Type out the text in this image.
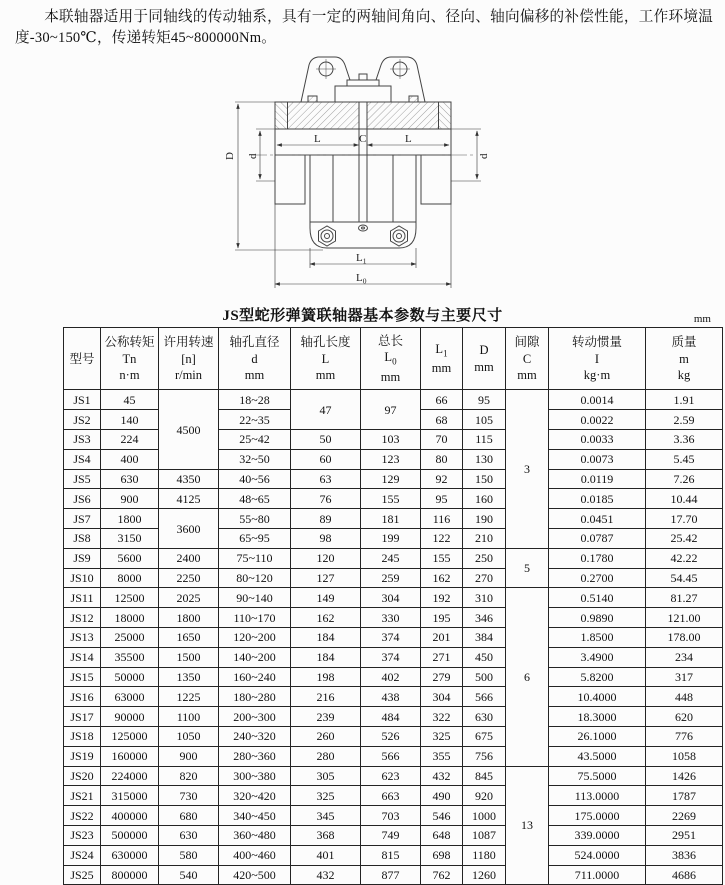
本联轴器适用于同轴线的传动轴系，具有一定的两轴间角向、径向、轴向偏移的补偿性能，工作环境温度-30~150℃，传递转矩45~800000Nm。

D d	d
L	C	L
$L_1$
$L_0$
JS型蛇形弹簧联轴器基本参数与主要尺寸	mm
型号

公称转矩
Tn
n·m

许用转速
[n]
r/min

轴孔直径
d
mm

轴孔长度
L
mm

总长
$L_0$
mm

$L_1$
mm

D
mm

间隙
C
mm

转动惯量
I
kg·m

质量
m
kg

JS1	45	4500	18~28	47	97	66	95	3	0.0014	1.91
JS2	140		22~35			68	105		0.0022	2.59
JS3	224		25~42	50	103	70	115		0.0033	3.36
JS4	400		32~50	60	123	80	130		0.0073	5.45
JS5	630	4350	40~56	63	129	92	150		0.0119	7.26
JS6	900	4125	48~65	76	155	95	160		0.0185	10.44
JS7	1800	3600	55~80	89	181	116	190		0.0451	17.70
JS8	3150		65~95	98	199	122	210		0.0787	25.42
JS9	5600	2400	75~110	120	245	155	250	5	0.1780	42.22
JS10	8000	2250	80~120	127	259	162	270		0.2700	54.45
JS11	12500	2025	90~140	149	304	192	310	6	0.5140	81.27
JS12	18000	1800	110~170	162	330	195	346		0.9890	121.00
JS13	25000	1650	120~200	184	374	201	384		1.8500	178.00
JS14	35500	1500	140~200	184	374	271	450		3.4900	234
JS15	50000	1350	160~240	198	402	279	500		5.8200	317
JS16	63000	1225	180~280	216	438	304	566		10.4000	448
JS17	90000	1100	200~300	239	484	322	630		18.3000	620
JS18	125000	1050	240~320	260	526	325	675		26.1000	776
JS19	160000	900	280~360	280	566	355	756		43.5000	1058
JS20	224000	820	300~380	305	623	432	845	13	75.5000	1426
JS21	315000	730	320~420	325	663	490	920		113.0000	1787
JS22	400000	680	340~450	345	703	546	1000		175.0000	2269
JS23	500000	630	360~480	368	749	648	1087		339.0000	2951
JS24	630000	580	400~460	401	815	698	1180		524.0000	3836
JS25	800000	540	420~500	432	877	762	1260		711.0000	4686
